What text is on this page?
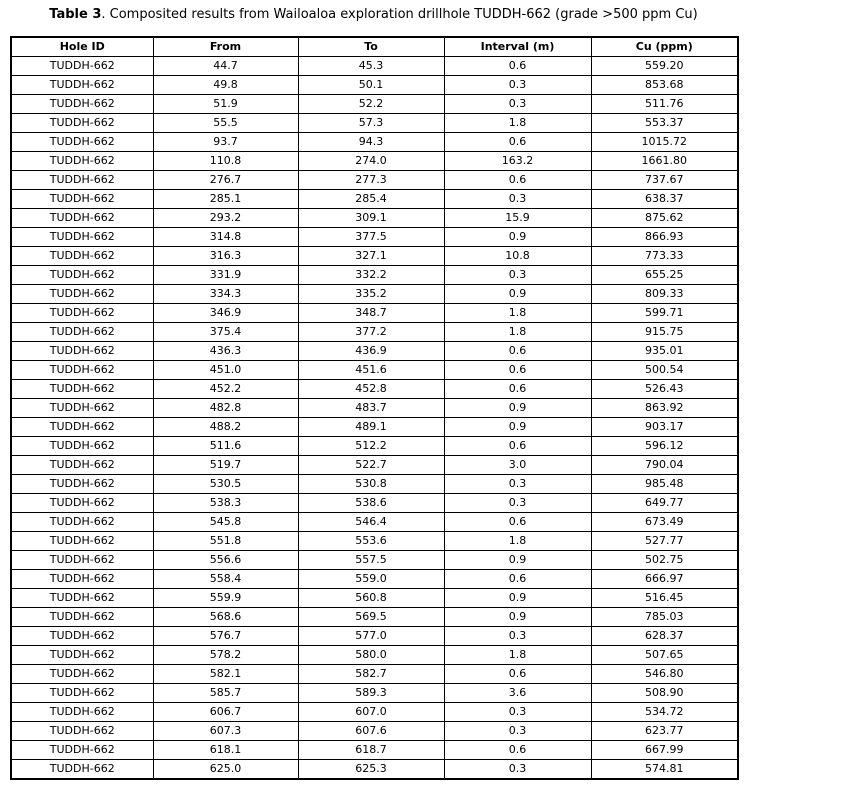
Table 3. Composited results from Wailoaloa exploration drillhole TUDDH-662 (grade >500 ppm Cu)
Hole ID	From	To	Interval (m)	Cu (ppm)
TUDDH-662	44.7	45.3	0.6	559.20
TUDDH-662	49.8	50.1	0.3	853.68
TUDDH-662	51.9	52.2	0.3	511.76
TUDDH-662	55.5	57.3	1.8	553.37
TUDDH-662	93.7	94.3	0.6	1015.72
TUDDH-662	110.8	274.0	163.2	1661.80
TUDDH-662	276.7	277.3	0.6	737.67
TUDDH-662	285.1	285.4	0.3	638.37
TUDDH-662	293.2	309.1	15.9	875.62
TUDDH-662	314.8	377.5	0.9	866.93
TUDDH-662	316.3	327.1	10.8	773.33
TUDDH-662	331.9	332.2	0.3	655.25
TUDDH-662	334.3	335.2	0.9	809.33
TUDDH-662	346.9	348.7	1.8	599.71
TUDDH-662	375.4	377.2	1.8	915.75
TUDDH-662	436.3	436.9	0.6	935.01
TUDDH-662	451.0	451.6	0.6	500.54
TUDDH-662	452.2	452.8	0.6	526.43
TUDDH-662	482.8	483.7	0.9	863.92
TUDDH-662	488.2	489.1	0.9	903.17
TUDDH-662	511.6	512.2	0.6	596.12
TUDDH-662	519.7	522.7	3.0	790.04
TUDDH-662	530.5	530.8	0.3	985.48
TUDDH-662	538.3	538.6	0.3	649.77
TUDDH-662	545.8	546.4	0.6	673.49
TUDDH-662	551.8	553.6	1.8	527.77
TUDDH-662	556.6	557.5	0.9	502.75
TUDDH-662	558.4	559.0	0.6	666.97
TUDDH-662	559.9	560.8	0.9	516.45
TUDDH-662	568.6	569.5	0.9	785.03
TUDDH-662	576.7	577.0	0.3	628.37
TUDDH-662	578.2	580.0	1.8	507.65
TUDDH-662	582.1	582.7	0.6	546.80
TUDDH-662	585.7	589.3	3.6	508.90
TUDDH-662	606.7	607.0	0.3	534.72
TUDDH-662	607.3	607.6	0.3	623.77
TUDDH-662	618.1	618.7	0.6	667.99
TUDDH-662	625.0	625.3	0.3	574.81
